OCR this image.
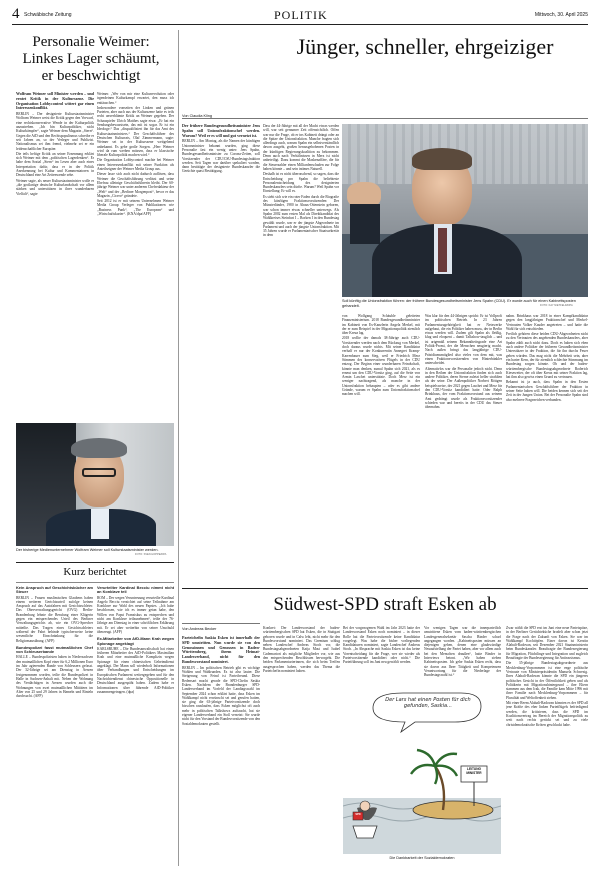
4 Schwäbische Zeitung	POLITIK	Mittwoch, 30. April 2025
Personalie Weimer: Linkes Lager schäumt, er beschwichtigt

Wolfram Weimer soll Minister werden – und erntet Kritik in der Kulturszene. Die Organisation Lobbycontrol wittert gar einen Interessenkonflikt.

BERLIN – Der designierte Kulturstaatsminister Wolfram Weimer weist die Kritik gegen den Vorwurf, eine rechtskonservative Wende in der Kulturpolitik anzustreben. „Ich bin Kulturpolitiker, nicht Kulturkämpfer“, sagte Weimer dem Magazin „Stern“. Gegen die AfD und den Rechtspopulismus schreibe er seit Jahren an, so der Verleger und Publizist. Nationalismus sei ihm fremd, vielmehr sei er ein leidenschaftlicher Europäer.

Die teils heftige Kritik an seiner Ernennung erklärt sich Weimer mit dem „politischen Lagerdenken“. Er habe dem Sozial „Stern“ im Lesen aber auch eines Interpretation dafür, dass er in der Politik Anerkennung bei Kultur und Kommentatoren in Deutschland eine Art Zeitenwende sehe.

Weimer sagte, als neuer Kulturstaatsminister wolle er „die großartige deutsche Kulturlandschaft vor allem stärken und unterstützen in ihrer wunderbaren Vielfalt“, sagte

Weimer. „Wer von mir eine Kulturrevolution oder irgendeinen Kulturkampf erwartet, den muss ich enttäuschen.“

Insbesondere vonseiten der Linken und grünen Parteien, aber auch aus der Kulturszene hatte es teils recht unverblümte Kritik an Weimer gegeben. Der Schauspieler Ulrich Matthes sagte etwa: „Er hat ein Sendungsbewusstsein, das mit ist sogar. Er ist ein Ideologe.“ Das „disqualifiziert ihn für das Amt des Kulturstaatsministers.“ Der Geschäftsführer des Deutschen Kulturrats, Olaf Zimmermann, sagte: Weimer sei in der Kulturszene weitgehend unbekannt. Es gebe große Sorgen. „Herr Weimer wird da rum werben müssen, dass er klassische liberale Kulturpolitik machen wird.“

Die Organisation Lobbycontrol machte bei Weimer einen Interessenkonflikt mit seiner Funktion als Anteilseigner der Weimer Media Group aus.

Dieser lasse sich auch nicht dadurch auflösen, dass Weimer die Geschäftsführung verlässt und seine Ehefrau alleinige Geschäftsführerin bleibt. Der 60-jährige Weimer war unter anderem Chefredakteur der „Welt“ und der „Berliner Morgenpost“, bevor er das Magazin „Cicero“ gründete.

Seit 2012 ist er mit seinem Unternehmen Weimer Media Group Verleger von Publikationen wie „Business Punk“, „The European“ und „Wirtschaftskurier“. (KNA/dpa/AFP)

Der bisherige Medienunternehmer Wolfram Weimer soll Kulturstaatsminister werden.
FOTO: SVEN HOPPE/DPA
Kurz berichtet

Kein Anspruch auf Geschichtsbücher am Steuer

BERLIN – Frauen muslimischen Glaubens haben einem weiteren Gerichtsurteil zufolge keinen Anspruch auf das Autofahren mit Gesichtsschleier. Das Oberverwaltungsgericht (OVG) Berlin-Brandenburg lehnte die Berufung einer Klägerin gegen ein entsprechendes Urteil des Berliner Verwaltungsgerichts ab, wie ein OVG-Sprecher mitteilte. Das Tragen eines Gesichtsschleiers während der Fahrt behinde typischerweise keine wesentliche Einschränkung für die Religionsausübung. (AFP)

Bundespolizei fasst mutmaßlichen Chef von Schleuserbande

HALLE – Bundespolizisten haben in Niedersachsen den mutmaßlichen Kopf einer für 6,2 Millionen Euro im Jahr agierenden Bande von Schleusern gefasst. Der 32-Jährige sei am Dienstag in Aerzen festgenommen worden, teilte die Bundespolizei in Halle in Sachsen-Anhalt mit. Neben der Wohnung des Verdächtigen in Aerzen wurden auch die Wohnungen von zwei mutmaßlichen Mittätern im Alter von 25 und 29 Jahren in Hameln und Rinteln durchsucht. (AFP)

Verurteilter Kardinal Becciu nimmt nicht an Konklave teil

ROM – Der wegen Veruntreuung verurteilte Kardinal Angelo Becciu verzichtet auf seine Teilnahme am Konklave zur Wahl des neuen Papstes. „Ich habe beschlossen, wie ich es immer getan habe, den Willen von Papst Franziskus zu entsprechen und nicht am Konklave teilzunehmen“, teilte der 76-Jährige am Dienstag in einer schriftlichen Erklärung mit. Er sei aber weiterhin von seiner Unschuld überzeugt. (AFP)

Ex-Mitarbeiter von AfD-Mann Krah wegen Spionage angeklagt

KARLSRUHE – Die Bundesanwaltschaft hat einen früheren Mitarbeiter des AfD-Politikers Maximilian Krah und eine mutmaßliche Komplizin wegen Spionage für einen chinesischen Geheimdienst angeklagt. Der Mann soll wiederholt Informationen über Verhandlungen und Entscheidungen im Europäischen Parlament weitergegeben und für den Nachrichtendienst chinesische Oppositionelle in Deutschland ausgespäht haben. Zudem habe er Informationen über führende AfD-Politiker zusammengetragen. (dpa)

Jünger, schneller, ehrgeiziger
Von Claudia Kling

Der frühere Bundesgesundheitsminister Jens Spahn soll Unionsfraktionschef werden. Warum? Weil er es will und gut vernetzt ist.

BERLIN – Am Montag, als die Namen der künftigen Unionsminister bekannt wurden, ging diese Personalie fast ein wenig unter: Jens Spahn, Bundesgesundheitsminister zu Corona-Zeiten, soll Vorsitzender der CDU/CSU-Bundestagsfraktion werden. Seit Tagen war darüber spekuliert worden, dann bestätigte der designierte Bundeskanzler die Gerüchte quasi Bestätigung.

Dass der 44-Jährige mit all der Macht etwas werden will, war seit geraumer Zeit offensichtlich. Offen war nur die Frage, ob er ins Kabinett drängt oder an die Spitze der Unionsfraktion. Manche fragten sich allerdings auch, warum Spahn ein selbstverständlich davon ausgeht, großen herausgehobenen Posten in der künftigen Regierungskoalition zu bekommen. Denn auch nach Verhältnissen in Merz ist nicht unbeteiligt. Dazu kommt die Maskenaffäre, die für die Steuerzahler einen Milliardenschaden zur Folge haben könnte – und sein intimes Naturell.

Deshalb ist es nicht überraschend, so sagen, dass die Entscheidung pro Spahn die beliebteste Personalentscheidung des designierten Bundeskanzlers sein dürfte. Warum? Weil Spahn vor Einstellung: Er will es.

Es sieht sich wie ein roter Faden durch die Biografie des künftigen Fraktionsvorsitzenden: Der Münsterländer, 1980 in Ahaus-Ottenstein geboren, war schon immer etwas schneller unterwegs. Als Spahn 2002 zum ersten Mal als Direktkandidat des Wahlkreises Steinfurt I – Borken I in den Bundestag gewählt wurde, war er der jüngste Abgeordnete im Parlament und auch der jüngste Unionsfraktion. Mit 35 Jahren wurde er Parlamentarischer Staatssekretär in dem

Soll künftig die Unionsfraktion führen: der frühere Bundesgesundheitsminister Jens Spahn (CDU). Er wurde auch für einen Kabinettsposten gehandelt.	FOTO: KAY NIETFELD/DPA

von Wolfgang Schäuble geleiteten Finanzministerium. 2018 Bundesgesundheitsminister im Kabinett von Ex-Kanzlerin Angela Merkel, mit der er zum Beispiel in der Migrationspolitik ziemlich über Kreuz lag.

2018 wollte der damals 38-Jährige auch CDU-Vorsitzender werden nach dem Rückzug von Merkel, doch daraus wurde nichts. Mit seiner Kandidatur verhalf er nur der Konkurrentin Annegret Kramp-Karrenbauer zum Sieg, weil er Friedrich Merz Stimmen des konservativen Flügels in der CDU entzog. Der Beginn einer wunderbaren Feindschaft, könnte man denken, zumal Spahn sich 2021, als es erneut um den CDU-Vorsitz ging, auf die Seite von Armin Laschet unterstützte. Doch Merz ist ein weniger nachtragend, als manche in der Unionsfraktion behaupten – oder es gibt andere Gründe, warum er Spahn zum Unionsfraktionschef machen will.

Was klar für den 44-Jährigen spricht: Er ist Vollprofi im politischen Betrieb. In 23 Jahren Parlamentszugehörigkeit hat er Netzwerke aufgebaut, die ein Politiker haben muss, der in Berlin etwas werden will. Zudem gilt Spahn als fleißig, klug und eloquent – damit Talkshow-tauglich – und ist artgemäß seinem Bekanntheitsgrade eine Art Politik-Promi, der die Menschen neugierig macht. Nach außen bringt das langjährige CDU-Präsidiumsmitglied also vieles von dem mit, was einen Fraktionsvorsitzenden von Hinterbänkler unterscheidet.

Alternativlos war die Personalie jedoch nicht. Denn in den Reihen der Unionsfraktion finden sich auch andere Politiker, deren Sterne zuletzt heller strahlten als der seine. Der Außenpolitiker Norbert Röttgen beispielsweise, der 2021 gegen Laschet und Merz für den CDU-Vorsitz kandidiert hatte. Oder Ralph Brinkhaus, der vom Fraktionsvorstand aus seinem Amt gedrängt wurde als Fraktionsvorsitzender schieden war und bereits in der CDU das Steuer übernahm.

nahm. Brinkhaus war 2018 in einer Kampfkandidatur gegen den langjährigen Fraktionschef und Merkel-Vertrauten Volker Kauder angetreten – und hatte die Wahl für sich entschieden.

Freilich gehören diese beiden CDU-Abgeordneten nicht zu den Vertrauten des angehenden Bundeskanzlers, aber Spahn zählt auch nicht dazu. Doch es haben sich eben auch andere Politiker der früheren Gesundheitsminister Unterstützer in der Fraktion, die für ihn durchs Feuer gehen würden. Das mag nicht die Mehrheit sein, aber ein harter Kern, der für ziemlich schlechte Stimmung im Bundestag sorgen könnte. Ob und der baden-württembergische Bundestagsabgeordnete Roderich Kiesewetter, der oft über Kreuz mit seiner Fraktion lag, hat ihm also gewiss einen Grund zu vertrauen.

Bekannt ist ja auch, dass Spahn in den Ersten Parlamentarischen Geschäftsführer der Fraktion in seiner Seite haben will. Die beiden kennen sich seit der Zeit in der Jungen Union. Bei der Personalie Spahn sind also mehrere Fragezeichen verbunden.

Südwest-SPD straft Esken ab
Von Andreas Becker

Parteichefin Saskia Esken ist innerhalb der SPD umstritten. Nun wurde sie von den Genossinnen und Genossen in Baden-Württemberg, ihrem Heimat-Landesverband, nicht für den Bundesvorstand nominiert.

BERLIN – Im politischen Betrieb gibt es wichtige Wahlen und Wahlrunden. Es ist also lauter. Die Steigerung von Feind ist Parteifreund. Diese Redensart macht gerade die SPD-Chefin Saskia Esken. Nachdem der Brandenburger SPD-Landesverband im Vorfeld der Landtagswahl im September 2024 schon erklärt hatte, dass Esken im Wahlkampf nicht erwünscht sei und gerufen hatten, sie ging die 63-jährige Parteivorsitzende doch bisschen rauslaufen, dass Esken möglichst oft auch mehr in politischen Talkshows auftaucht, hat sie eigener Landesverband ein Stoß versetzt: Sie wurde nicht für den Vorstand der Bundesvorsitzende von den Sozialdemokraten gestellt.

Konkret: Der Landesvorstand der baden-württembergischen SPD hat Esken, die in Stuttgart geboren wurde und in Calw lebt, nicht mehr für den Bundesvorstand nominiert. Das Gremium schlug neben Landeschef Andreas Stoch vor, die Bundestagsabgeordneten Katja Mast und Isabel Cademartori als mögliche Mitglieder vor, wie aus den entsprechenden Beschlüssen hervorgeht. Die beiden Parlamentarierinnen, die sich beim Treffen ausgesprochen haben, werden das Thema die Parteichefin nominiert haben.

Bei der vorgezogenen Wahl im Jahr 2023 hatte der Landesvorstand Esken noch nominiert – in dieser Rolle hat die Parteivorsitzende keine Kandidatur vorgelegt. Was habe die bisher vorliegenden Kandidaturen nominiert, sagte Landeschef Andreas Stoch. „In Absprache mit Saskia Esken ist das keine Vorentscheidung für die Frage, wer sie wieder als Parteivorsitzende kandidiert oder nicht.“ Die Parteiführung soll im Juni neu gewählt werden.

Vor wenigen Tagen war die innerparteilich umstrittene Esken vom baden-württembergischen Landesgeneralsekretär Sascha Binder scharf angegangen worden. „Kabinettsposten müssen an diejenigen gehen, denen eine glaubwürdige Neuaufstellung der Partei haben, aber vor allem auch bei den Menschen draußen“, hatte Binder in Interviews betont. „Wir haben sieben Kabinettsposten. Ich gehe Saskia Esken recht, dass sie davon aus Ihrer Tätigkeit und Kompetenzen Verantwortung für die Niederlage der Bundestagswahl ist.“

Zwar wählt die SPD erst im Juni eine neue Parteispitze, in der Berliner Gerüchteküche brodelt aber schon jetzt die Frage nach der Zukunft von Esken. Sie war im Wahlkampf Kochtöpfen. Einer davon ist Kerstin Alabali-Radovan, seit Dezember 2021 Staatsministerin beim Bundeskanzler. Beauftragte der Bundesregierung für Migration, Flüchtlinge und Integration und zugleich Beauftragte der Bundesregierung für Antirassismus.

Die 35-jährige Bundestagsabgeordnete aus Mecklenburg-Vorpommern ist eine enge politische Vertraute von Ministerpräsidentin Manuela Schwesig. Ihres Alabali-Radovan könnte die SPD ein jüngeres politisches Gesicht in der Öffentlichkeit geben und als Politikerin mit Migrationshintergrund – ihre Eltern stammen aus dem Irak, die Familie kam Mitte 1996 mit ihrer Familie nach Mecklenburg-Vorpommern – für Pluralität und Weltoffenheit stehen.

Mit einer Reem Alabali-Radovan könnten es der SPD all jene Kräfte des eher linken Parteiflügels befriedigend werden, die kritisieren, dass die SPD im Koalitionsvertrag im Bereich der Migrationspolitik zu weit nach rechts gerückt sei und zu viele christdemokratische Kröten geschluckt habe.

Der Lars hat einen Posten für dich gefunden, Saskia…
LEITUNG MINISTER
SPD
Die Dankbarkeit der Sozialdemokraten
